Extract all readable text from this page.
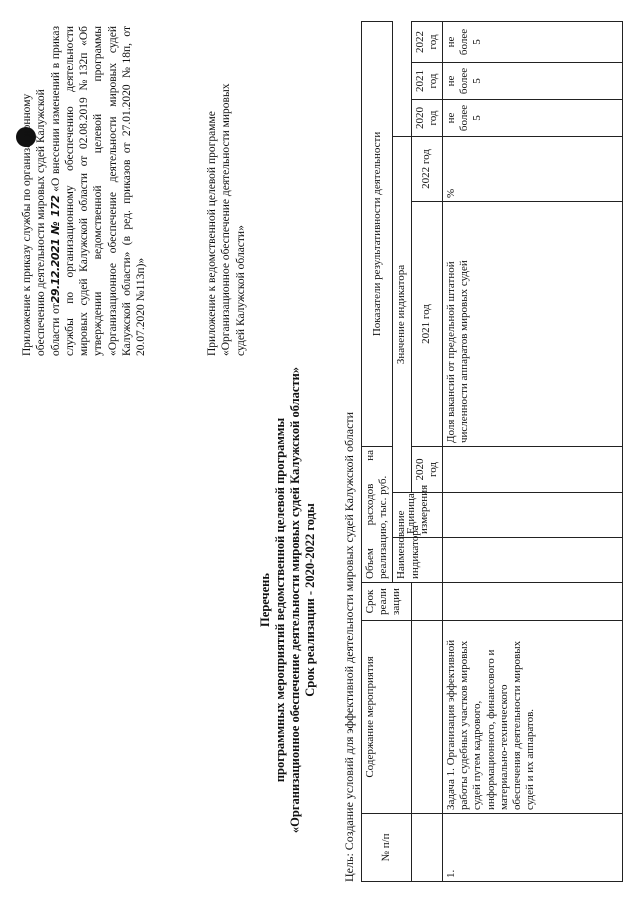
Приложение к приказу службы по организационному обеспечению деятельности мировых судей Калужской области от29.12.2021 № 172 «О внесении изменений в приказ службы по организационному обеспечению деятельности мировых судей Калужской области от 02.08.2019 №132п «Об утверждении ведомственной целевой программы «Организационное обеспечение деятельности мировых судей Калужской области» (в ред. приказов от 27.01.2020 №18п, от 20.07.2020 №113п)»	Приложение к ведомственной целевой программе «Организационное обеспечение деятельности мировых судей Калужской области»
Перечень программных мероприятий ведомственной целевой программы «Организационное обеспечение деятельности мировых судей Калужской области» Срок реализации - 2020-2022 годы Цель: Создание условий для эффективной деятельности мировых судей Калужской области № п/п	Содержание мероприятия	Срок реализации	Объем расходов на реализацию, тыс. руб.			Показатели результативности деятельности				
			Наименование индикатора	Единица измерения	Значение индикатора					
					2020 год	2021 год	2022 год	2020 год	2021 год	2022 год
1.	Задача 1. Организация эффективной работы судебных участков мировых судей путем кадрового, информационного, финансового и материально-технического обеспечения деятельности мировых судей и их аппаратов.					Доля вакансий от предельной штатной численности аппаратов мировых судей	%	не более 5	не более 5	не более 5
